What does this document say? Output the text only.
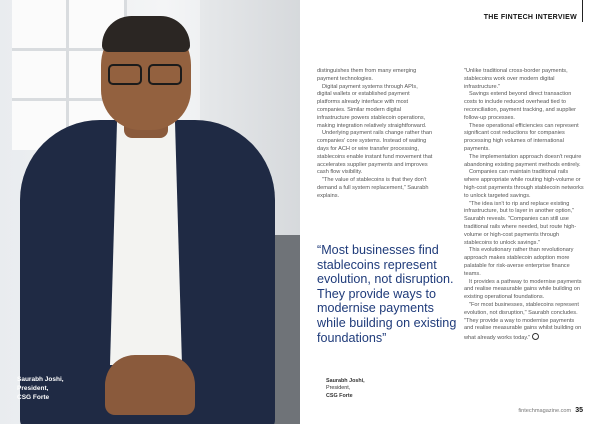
Saurabh Joshi,
President,
CSG Forte
THE FINTECH INTERVIEW

distinguishes them from many emerging payment technologies.

Digital payment systems through APIs, digital wallets or established payment platforms already interface with most companies. Similar modern digital infrastructure powers stablecoin operations, making integration relatively straightforward.

Underlying payment rails change rather than companies' core systems. Instead of waiting days for ACH or wire transfer processing, stablecoins enable instant fund movement that accelerates supplier payments and improves cash flow visibility.

"The value of stablecoins is that they don't demand a full system replacement," Saurabh explains.

“Most businesses find stablecoins represent evolution, not disruption. They provide ways to modernise payments while building on existing foundations”
Saurabh Joshi,
President,
CSG Forte

"Unlike traditional cross-border payments, stablecoins work over modern digital infrastructure."

Savings extend beyond direct transaction costs to include reduced overhead tied to reconciliation, payment tracking, and supplier follow-up processes.

These operational efficiencies can represent significant cost reductions for companies processing high volumes of international payments.

The implementation approach doesn't require abandoning existing payment methods entirely.

Companies can maintain traditional rails where appropriate while routing high-volume or high-cost payments through stablecoin networks to unlock targeted savings.

"The idea isn't to rip and replace existing infrastructure, but to layer in another option," Saurabh reveals. "Companies can still use traditional rails where needed, but route high-volume or high-cost payments through stablecoins to unlock savings."

This evolutionary rather than revolutionary approach makes stablecoin adoption more palatable for risk-averse enterprise finance teams.

It provides a pathway to modernise payments and realise measurable gains while building on existing operational foundations.

"For most businesses, stablecoins represent evolution, not disruption," Saurabh concludes. "They provide a way to modernise payments and realise measurable gains whilst building on what already works today."

fintechmagazine.com 35
